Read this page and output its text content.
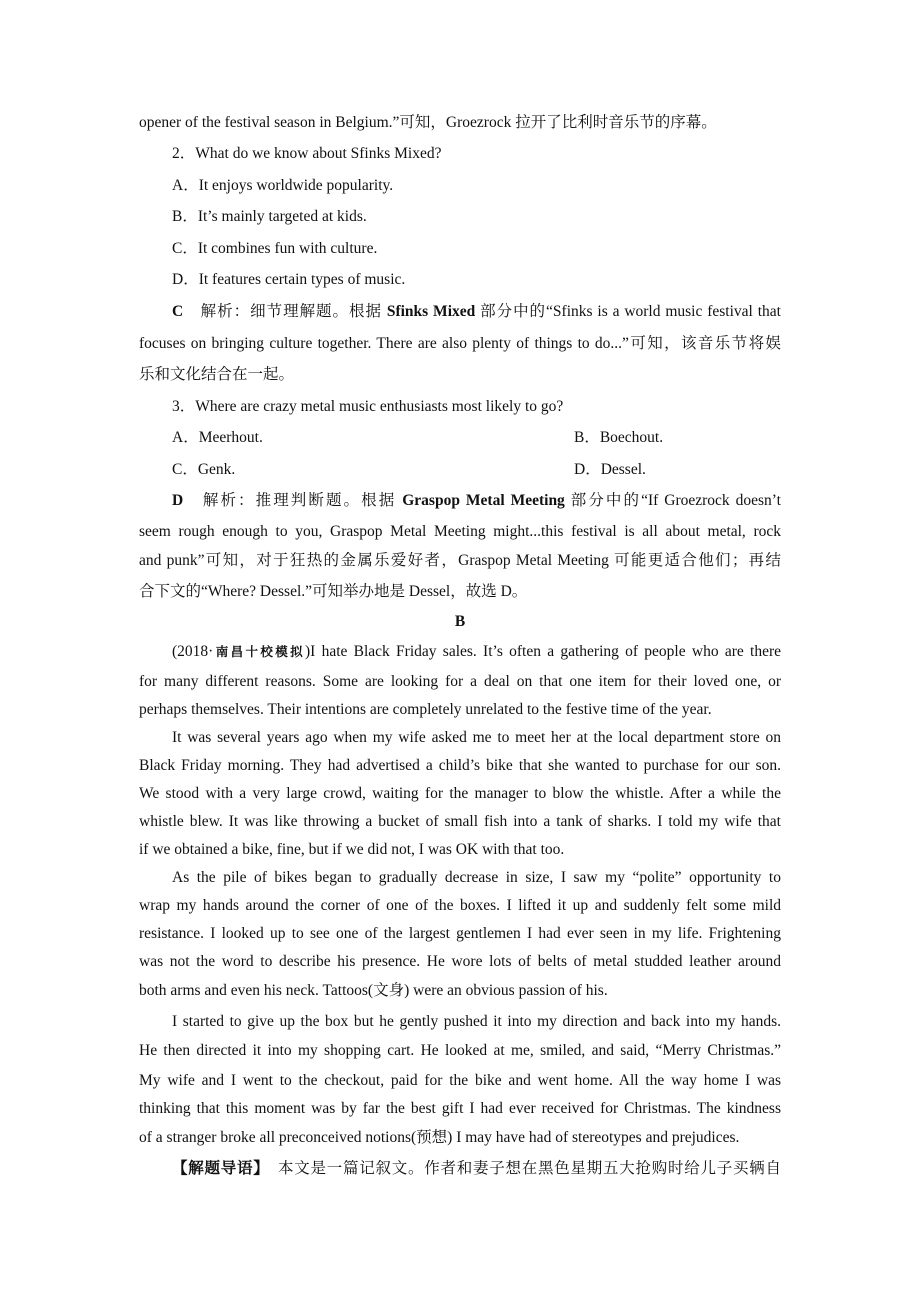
opener of the festival season in Belgium.”可知，Groezrock 拉开了比利时音乐节的序幕。
2．What do we know about Sfinks Mixed?
A．It enjoys worldwide popularity.
B．It’s mainly targeted at kids.
C．It combines fun with culture.
D．It features certain types of music.
C　 解析：细节理解题。根据 Sfinks Mixed 部分中的“Sfinks is a world music festival that
focuses on bringing culture together. There are also plenty of things to do...”可知，该音乐节将娱
乐和文化结合在一起。
3．Where are crazy metal music enthusiasts most likely to go?
A．Meerhout.	B．Boechout.
C．Genk.	D．Dessel.
D　 解析：推理判断题。根据 Graspop Metal Meeting 部分中的“If Groezrock doesn’t
seem rough enough to you, Graspop Metal Meeting might...this festival is all about metal, rock
and punk”可知，对于狂热的金属乐爱好者，Graspop Metal Meeting 可能更适合他们；再结
合下文的“Where? Dessel.”可知举办地是 Dessel，故选 D。
B
(2018·南昌十校模拟)I hate Black Friday sales. It’s often a gathering of people who are there
for many different reasons. Some are looking for a deal on that one item for their loved one, or
perhaps themselves. Their intentions are completely unrelated to the festive time of the year.
It was several years ago when my wife asked me to meet her at the local department store on
Black Friday morning. They had advertised a child’s bike that she wanted to purchase for our son.
We stood with a very large crowd, waiting for the manager to blow the whistle. After a while the
whistle blew. It was like throwing a bucket of small fish into a tank of sharks. I told my wife that
if we obtained a bike, fine, but if we did not, I was OK with that too.
As the pile of bikes began to gradually decrease in size, I saw my “polite” opportunity to
wrap my hands around the corner of one of the boxes. I lifted it up and suddenly felt some mild
resistance. I looked up to see one of the largest gentlemen I had ever seen in my life. Frightening
was not the word to describe his presence. He wore lots of belts of metal studded leather around
both arms and even his neck. Tattoos(文身) were an obvious passion of his.
I started to give up the box but he gently pushed it into my direction and back into my hands.
He then directed it into my shopping cart. He looked at me, smiled, and said, “Merry Christmas.”
My wife and I went to the checkout, paid for the bike and went home. All the way home I was
thinking that this moment was by far the best gift I had ever received for Christmas. The kindness
of a stranger broke all preconceived notions(预想) I may have had of stereotypes and prejudices.
【解题导语】　 本文是一篇记叙文。作者和妻子想在黑色星期五大抢购时给儿子买辆自
